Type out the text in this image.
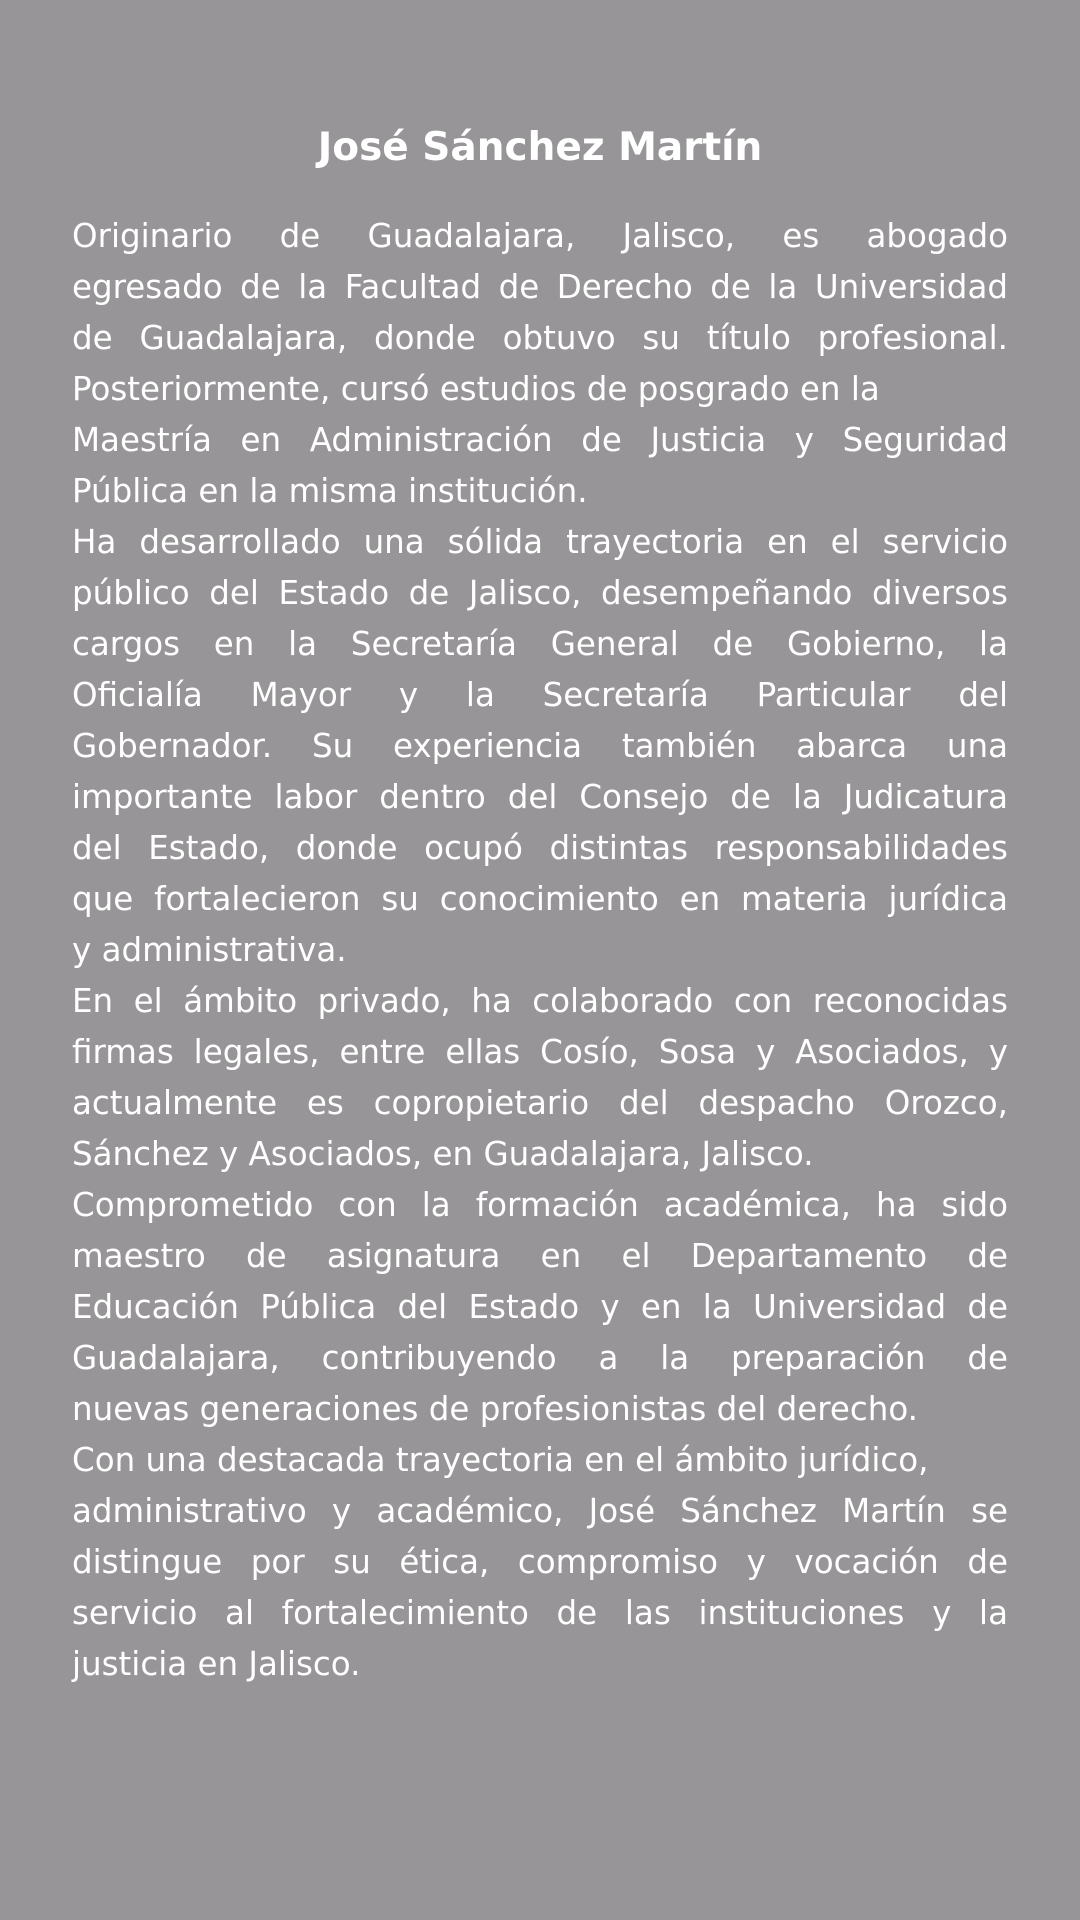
José Sánchez Martín

Originario de Guadalajara, Jalisco, es abogado
egresado de la Facultad de Derecho de la Universidad
de Guadalajara, donde obtuvo su título profesional.
Posteriormente, cursó estudios de posgrado en la

Maestría en Administración de Justicia y Seguridad
Pública en la misma institución.

Ha desarrollado una sólida trayectoria en el servicio
público del Estado de Jalisco, desempeñando diversos
cargos en la Secretaría General de Gobierno, la
Oficialía Mayor y la Secretaría Particular del
Gobernador. Su experiencia también abarca una
importante labor dentro del Consejo de la Judicatura
del Estado, donde ocupó distintas responsabilidades
que fortalecieron su conocimiento en materia jurídica
y administrativa.

En el ámbito privado, ha colaborado con reconocidas
firmas legales, entre ellas Cosío, Sosa y Asociados, y
actualmente es copropietario del despacho Orozco,
Sánchez y Asociados, en Guadalajara, Jalisco.

Comprometido con la formación académica, ha sido
maestro de asignatura en el Departamento de
Educación Pública del Estado y en la Universidad de
Guadalajara, contribuyendo a la preparación de
nuevas generaciones de profesionistas del derecho.

Con una destacada trayectoria en el ámbito jurídico,

administrativo y académico, José Sánchez Martín se
distingue por su ética, compromiso y vocación de
servicio al fortalecimiento de las instituciones y la
justicia en Jalisco.
